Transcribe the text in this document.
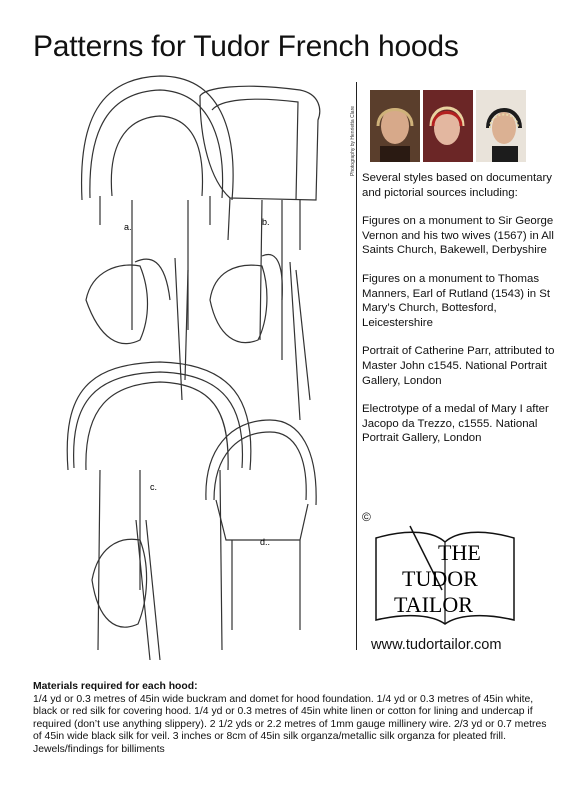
Patterns for Tudor French hoods
a.	b.
c.
d..
Photography by Henrietta Clare

Several styles based on documentary and pictorial sources including:

Figures on a monument to Sir George Vernon and his two wives (1567) in All Saints Church, Bakewell, Derbyshire

Figures on a monument to Thomas Manners, Earl of Rutland (1543) in St Mary’s Church, Bottesford, Leicestershire

Portrait of Catherine Parr, attributed to Master John c1545. National Portrait Gallery, London

Electrotype of a medal of Mary I after Jacopo da Trezzo, c1555. National Portrait Gallery, London

©
THE
TUDOR
TAILOR
www.tudortailor.com
Materials required for each hood:
1/4 yd or 0.3 metres of 45in wide buckram and domet for hood foundation. 1/4 yd or 0.3 metres of 45in white, black or red silk for covering hood. 1/4 yd or 0.3 metres of 45in white linen or cotton for lining and undercap if required (don’t use anything slippery). 2 1/2 yds or 2.2 metres of 1mm gauge millinery wire. 2/3 yd or 0.7 metres of 45in wide black silk for veil. 3 inches or 8cm of 45in silk organza/metallic silk organza for pleated frill. Jewels/findings for billiments
